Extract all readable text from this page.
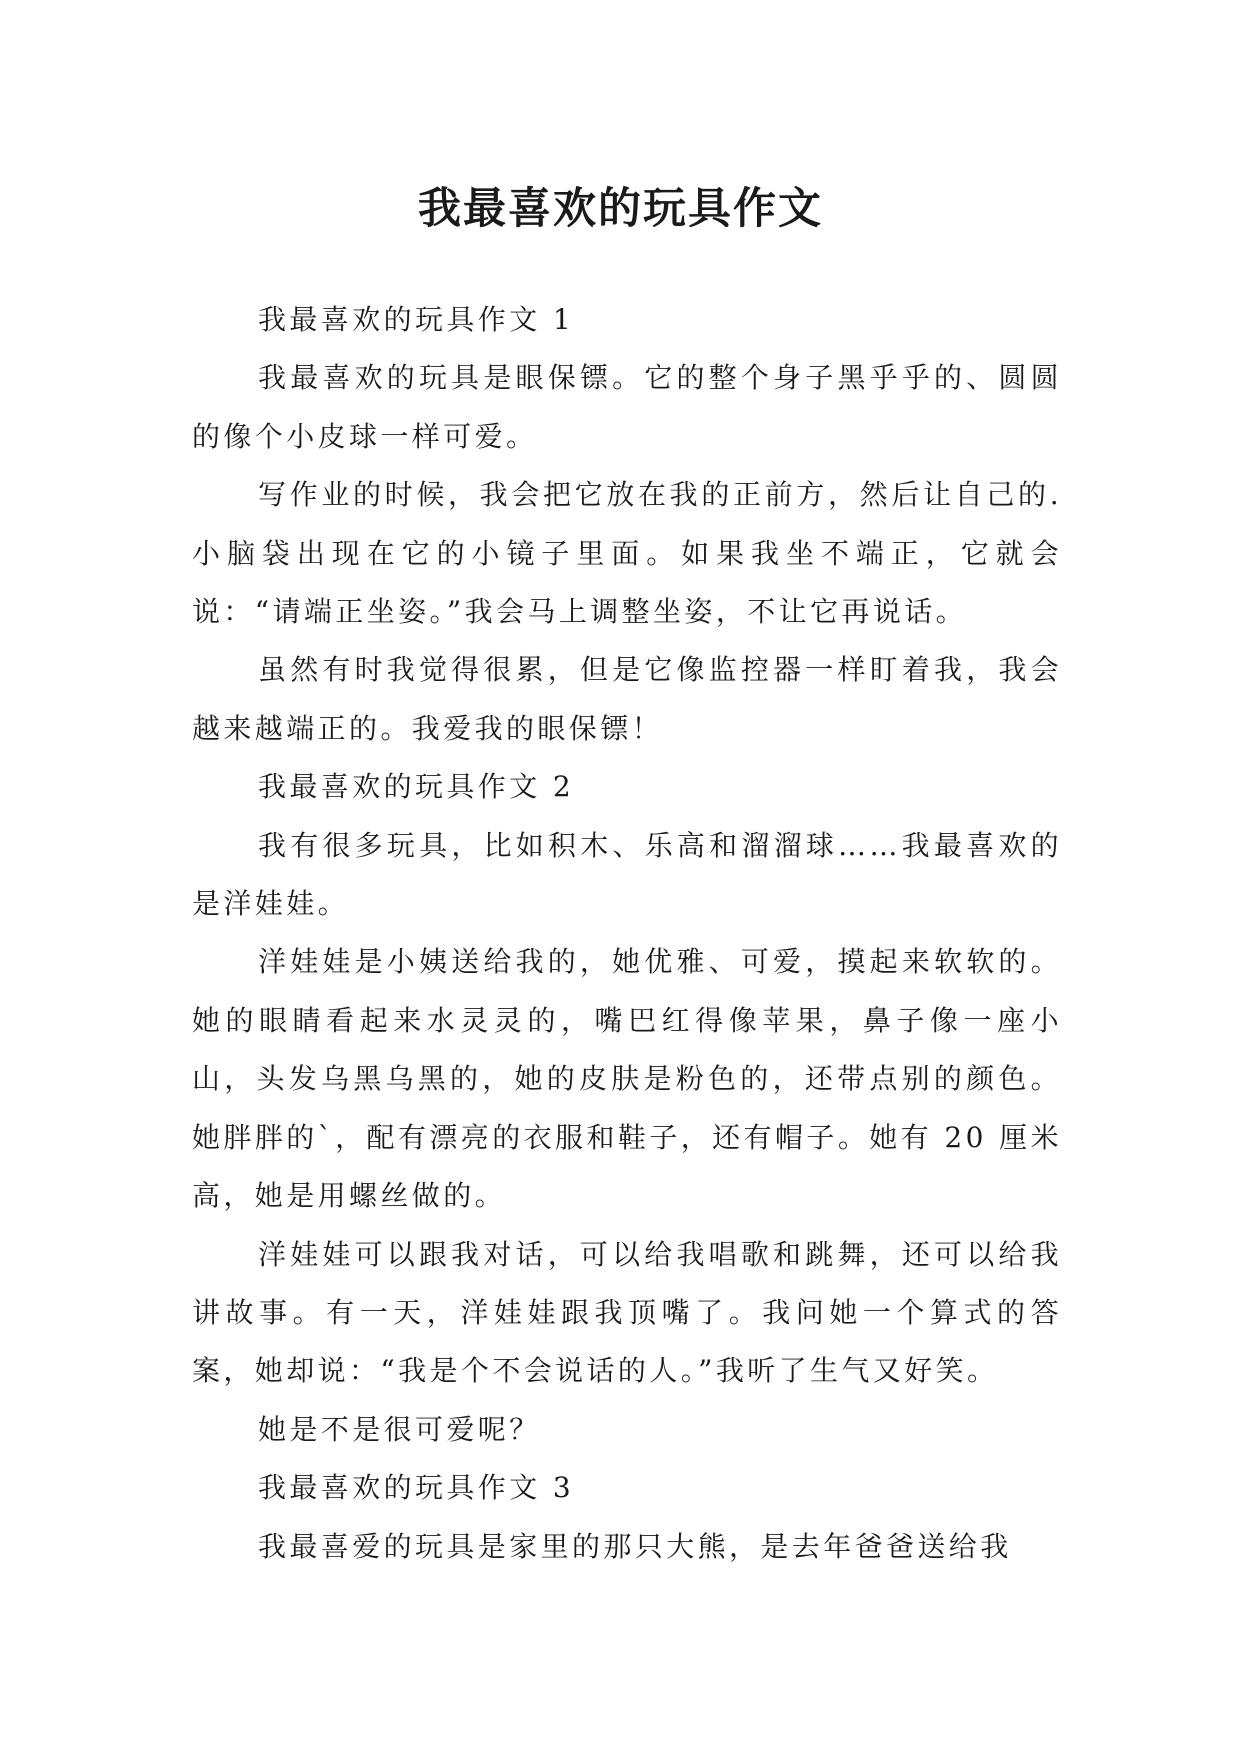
我最喜欢的玩具作文

我最喜欢的玩具作文 1

我最喜欢的玩具是眼保镖。它的整个身子黑乎乎的、圆圆的像个小皮球一样可爱。

写作业的时候，我会把它放在我的正前方，然后让自己的.小脑袋出现在它的小镜子里面。如果我坐不端正，它就会说：“请端正坐姿。”我会马上调整坐姿，不让它再说话。

虽然有时我觉得很累，但是它像监控器一样盯着我，我会越来越端正的。我爱我的眼保镖！

我最喜欢的玩具作文 2

我有很多玩具，比如积木、乐高和溜溜球……我最喜欢的是洋娃娃。

洋娃娃是小姨送给我的，她优雅、可爱，摸起来软软的。她的眼睛看起来水灵灵的，嘴巴红得像苹果，鼻子像一座小山，头发乌黑乌黑的，她的皮肤是粉色的，还带点别的颜色。她胖胖的`，配有漂亮的衣服和鞋子，还有帽子。她有 20 厘米高，她是用螺丝做的。

洋娃娃可以跟我对话，可以给我唱歌和跳舞，还可以给我讲故事。有一天，洋娃娃跟我顶嘴了。我问她一个算式的答案，她却说：“我是个不会说话的人。”我听了生气又好笑。

她是不是很可爱呢？

我最喜欢的玩具作文 3

我最喜爱的玩具是家里的那只大熊，是去年爸爸送给我
